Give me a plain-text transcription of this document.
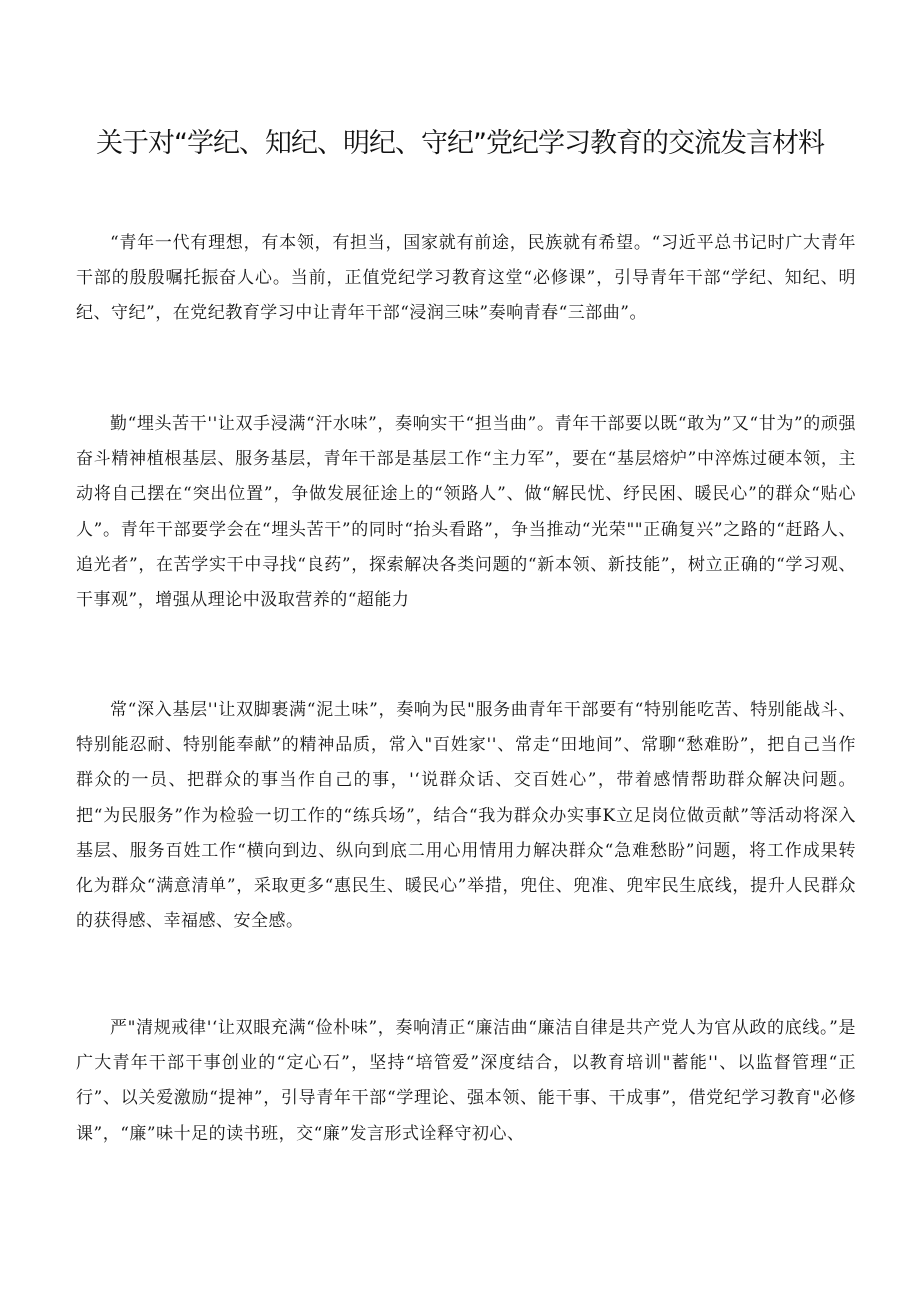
关于对“学纪、知纪、明纪、守纪”党纪学习教育的交流发言材料

“青年一代有理想，有本领，有担当，国家就有前途，民族就有希望。“习近平总书记时广大青年干部的殷殷嘱托振奋人心。当前，正值党纪学习教育这堂“必修课”，引导青年干部“学纪、知纪、明纪、守纪”，在党纪教育学习中让青年干部“浸润三味”奏响青春“三部曲”。

勤“埋头苦干''让双手浸满“汗水味”，奏响实干“担当曲”。青年干部要以既“敢为”又“甘为”的顽强奋斗精神植根基层、服务基层，青年干部是基层工作“主力军”，要在“基层熔炉”中淬炼过硬本领，主动将自己摆在“突出位置”，争做发展征途上的“领路人”、做“解民忧、纾民困、暖民心”的群众“贴心人”。青年干部要学会在“埋头苦干”的同时“抬头看路”，争当推动“光荣""正确复兴”之路的“赶路人、追光者”，在苦学实干中寻找“良药”，探索解决各类问题的“新本领、新技能”，树立正确的“学习观、干事观”，增强从理论中汲取营养的“超能力

常“深入基层''让双脚裹满“泥土味”，奏响为民"服务曲青年干部要有“特别能吃苦、特别能战斗、特别能忍耐、特别能奉献”的精神品质，常入"百姓家''、常走“田地间”、常聊“愁难盼”，把自己当作群众的一员、把群众的事当作自己的事，'‘说群众话、交百姓心”，带着感情帮助群众解决问题。把“为民服务”作为检验一切工作的“练兵场”，结合“我为群众办实事K立足岗位做贡献”等活动将深入基层、服务百姓工作“横向到边、纵向到底二用心用情用力解决群众“急难愁盼”问题，将工作成果转化为群众“满意清单”，采取更多“惠民生、暖民心”举措，兜住、兜准、兜牢民生底线，提升人民群众的获得感、幸福感、安全感。

严"清规戒律'‘让双眼充满“俭朴味”，奏响清正“廉洁曲“廉洁自律是共产党人为官从政的底线。”是广大青年干部干事创业的“定心石”，坚持“培管爱”深度结合，以教育培训"蓄能''、以监督管理“正行”、以关爱激励“提神”，引导青年干部“学理论、强本领、能干事、干成事”，借党纪学习教育"必修课”，“廉”味十足的读书班，交“廉”发言形式诠释守初心、
